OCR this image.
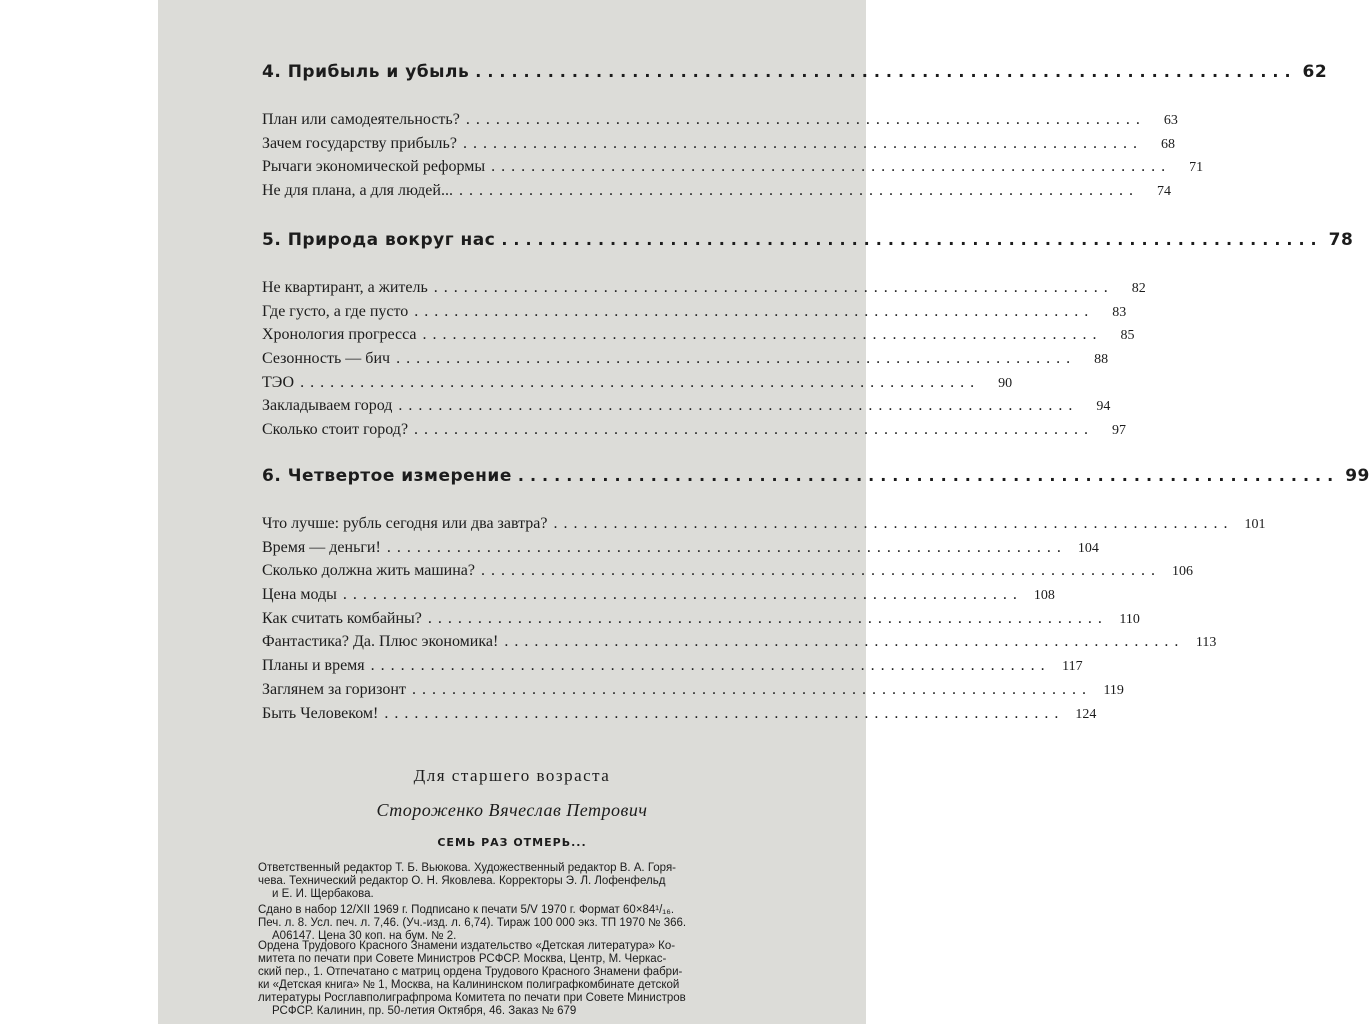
4. Прибыль и убыль .................................................................... 62
План или самодеятельность? ....................................................................	63
Зачем государству прибыль? ....................................................................	68
Рычаги экономической реформы ....................................................................	71
Не для плана, а для людей... ....................................................................	74
5. Природа вокруг нас .................................................................... 78
Не квартирант, а житель ....................................................................	82
Где густо, а где пусто ....................................................................	83
Хронология прогресса ....................................................................	85
Сезонность — бич ....................................................................	88
ТЭО ....................................................................	90
Закладываем город ....................................................................	94
Сколько стоит город? ....................................................................	97
6. Четвертое измерение .................................................................... 99
Что лучше: рубль сегодня или два завтра? .................................................................... 101
Время — деньги! .................................................................... 104
Сколько должна жить машина? .................................................................... 106
Цена моды .................................................................... 108
Как считать комбайны? .................................................................... 110
Фантастика? Да. Плюс экономика! .................................................................... 113
Планы и время .................................................................... 117
Заглянем за горизонт .................................................................... 119
Быть Человеком! .................................................................... 124
Для старшего возраста
Стороженко Вячеслав Петрович
СЕМЬ РАЗ ОТМЕРЬ...
Ответственный редактор Т. Б. Вьюкова. Художественный редактор В. А. Горя-
чева. Технический редактор О. Н. Яковлева. Корректоры Э. Л. Лофенфельд
и Е. И. Щербакова.
Сдано в набор 12/XII 1969 г. Подписано к печати 5/V 1970 г. Формат 60×84¹/₁₆.
Печ. л. 8. Усл. печ. л. 7,46. (Уч.-изд. л. 6,74). Тираж 100 000 экз. ТП 1970 № 366.
А06147. Цена 30 коп. на бум. № 2.
Ордена Трудового Красного Знамени издательство «Детская литература» Ко-
митета по печати при Совете Министров РСФСР. Москва, Центр, М. Черкас-
ский пер., 1. Отпечатано с матриц ордена Трудового Красного Знамени фабри-
ки «Детская книга» № 1, Москва, на Калининском полиграфкомбинате детской
литературы Росглавполиграфпрома Комитета по печати при Совете Министров
РСФСР. Калинин, пр. 50-летия Октября, 46. Заказ № 679
